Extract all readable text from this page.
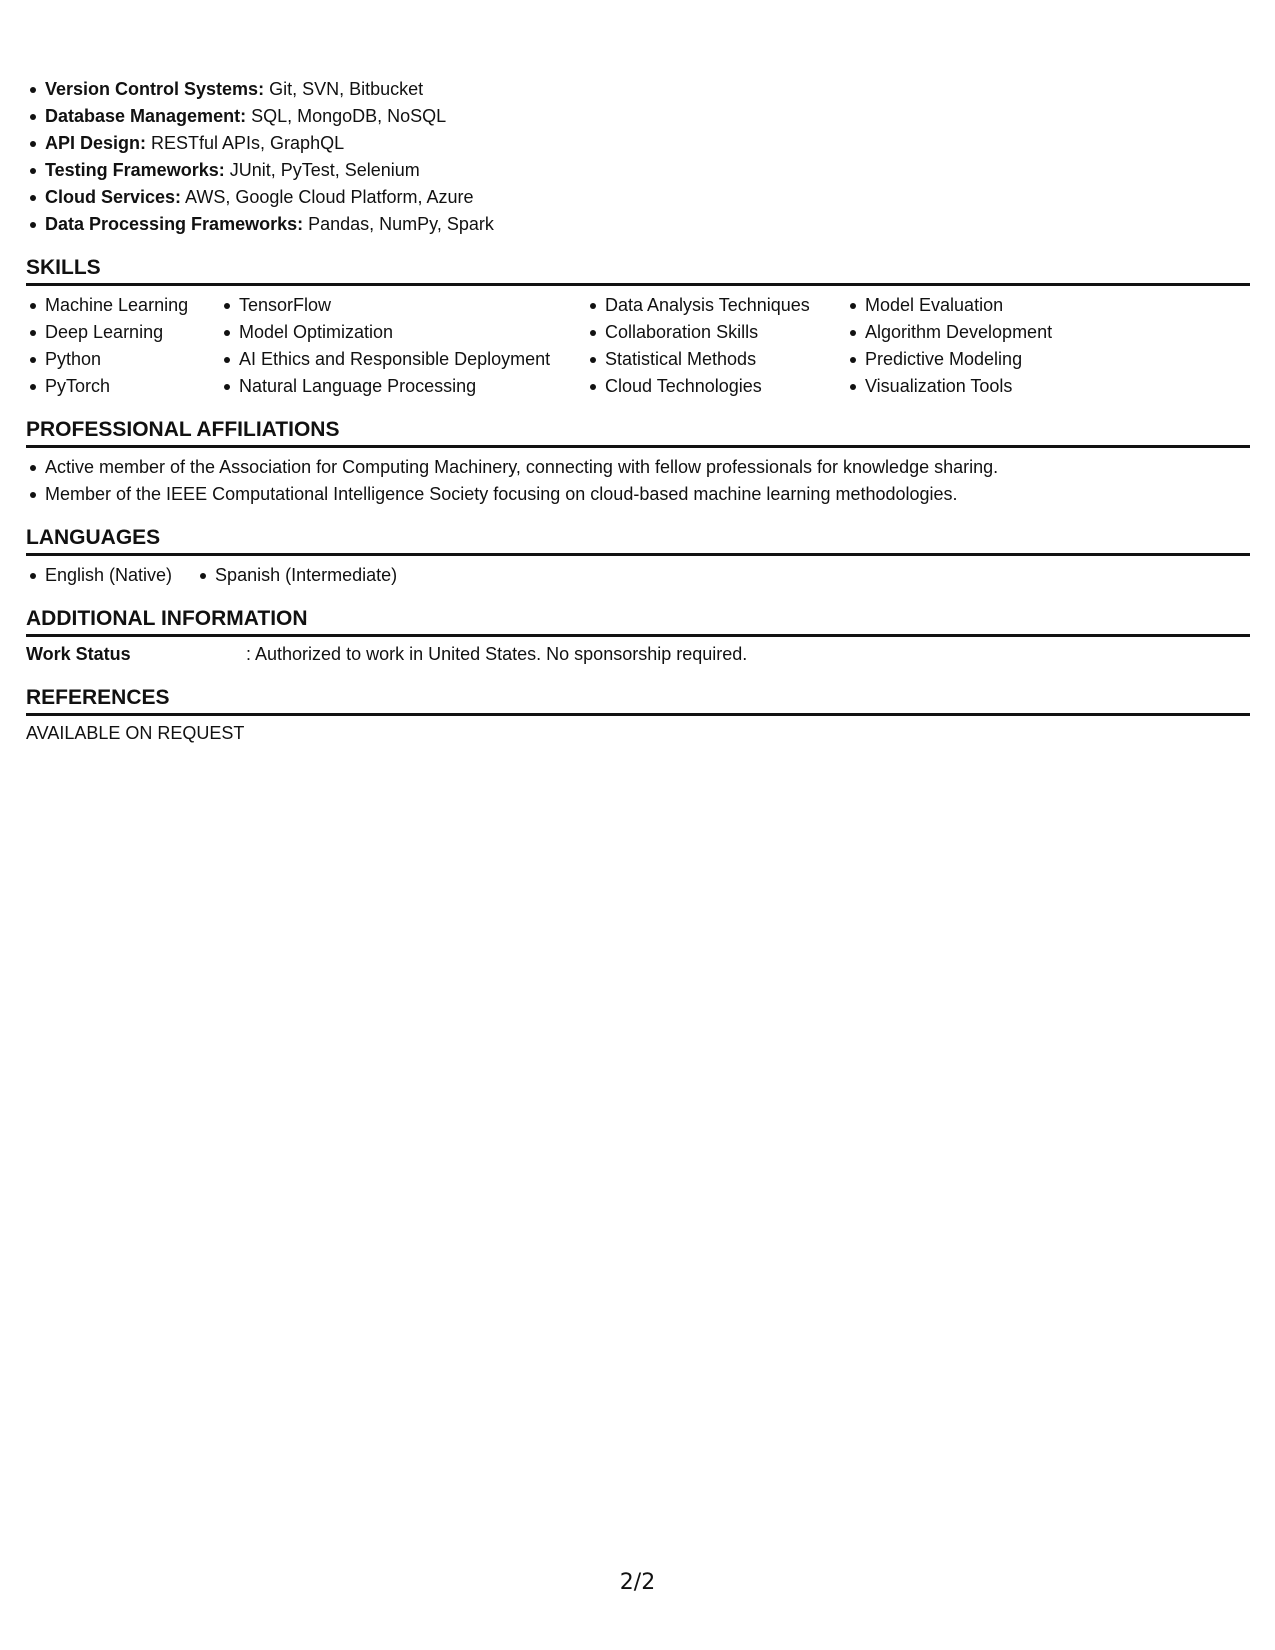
Version Control Systems: Git, SVN, Bitbucket
Database Management: SQL, MongoDB, NoSQL
API Design: RESTful APIs, GraphQL
Testing Frameworks: JUnit, PyTest, Selenium
Cloud Services: AWS, Google Cloud Platform, Azure
Data Processing Frameworks: Pandas, NumPy, Spark
SKILLS
Machine Learning
Deep Learning
Python
PyTorch
TensorFlow
Model Optimization
AI Ethics and Responsible Deployment
Natural Language Processing
Data Analysis Techniques
Collaboration Skills
Statistical Methods
Cloud Technologies
Model Evaluation
Algorithm Development
Predictive Modeling
Visualization Tools
PROFESSIONAL AFFILIATIONS
Active member of the Association for Computing Machinery, connecting with fellow professionals for knowledge sharing.
Member of the IEEE Computational Intelligence Society focusing on cloud-based machine learning methodologies.
LANGUAGES
English (Native)	Spanish (Intermediate)
ADDITIONAL INFORMATION
Work Status	: Authorized to work in United States. No sponsorship required.
REFERENCES
AVAILABLE ON REQUEST
2/2
